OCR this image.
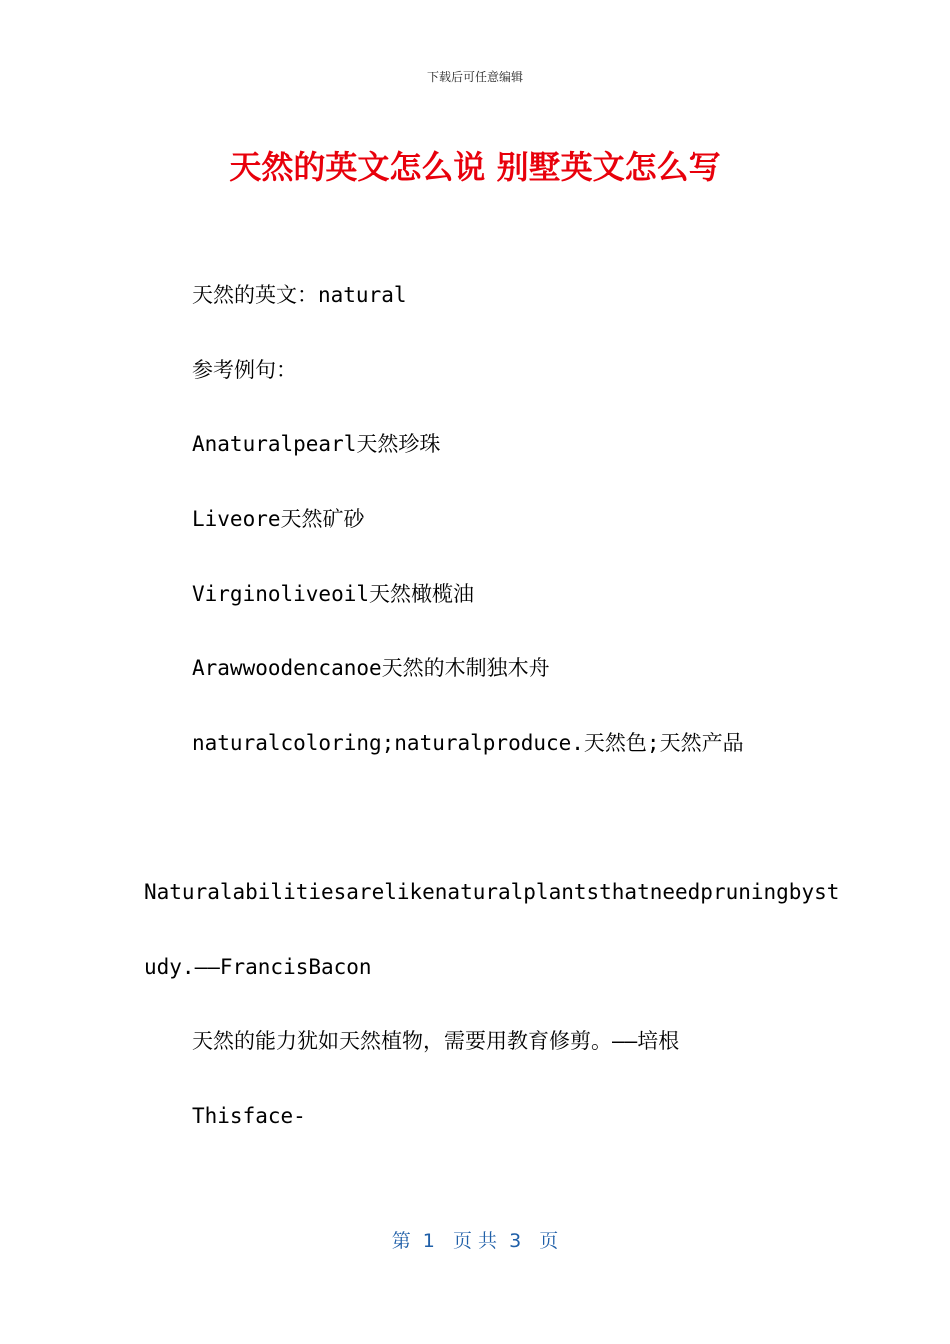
下载后可任意编辑
天然的英文怎么说 别墅英文怎么写
天然的英文：natural
参考例句：
Anaturalpearl天然珍珠
Liveore天然矿砂
Virginoliveoil天然橄榄油
Arawwoodencanoe天然的木制独木舟
naturalcoloring;naturalproduce.天然色;天然产品
Naturalabilitiesarelikenaturalplantsthatneedpruningbyst
udy.——FrancisBacon
天然的能力犹如天然植物，需要用教育修剪。——培根
Thisface-
第  1   页 共  3   页
